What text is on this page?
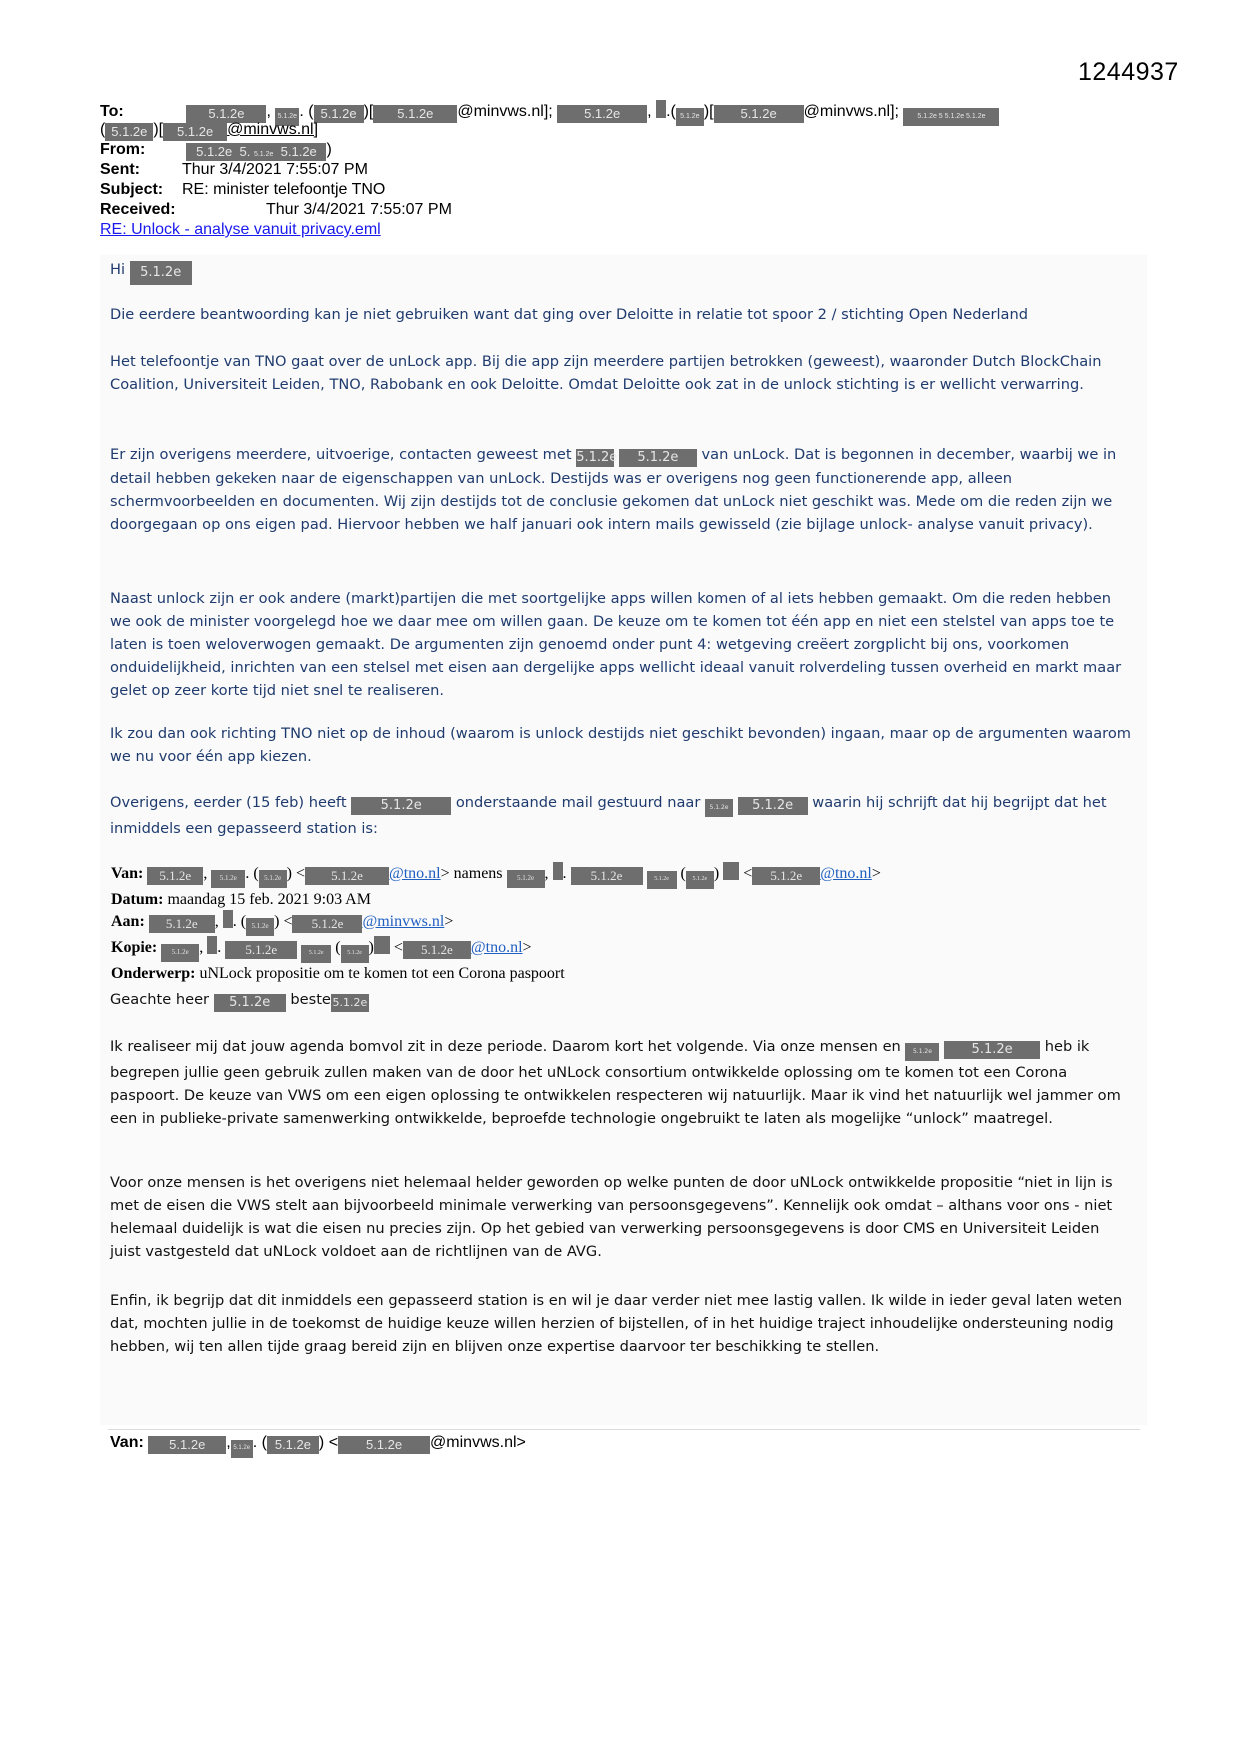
1244937
To:	5.1.2e , 5.1.2e . ( 5.1.2e )[ 5.1.2e @minvws.nl]; 5.1.2e , .( 5.1.2e )[ 5.1.2e @minvws.nl];	5.1.2e 5 5.1.2e 5.1.2e
( 5.1.2e )[ 5.1.2e @minvws.nl]
From:	5.1.2e  5. 5.1.2e  5.1.2e )
Sent:	Thur 3/4/2021 7:55:07 PM
Subject: RE: minister telefoontje TNO
Received:	Thur 3/4/2021 7:55:07 PM
RE: Unlock - analyse vanuit privacy.eml
Hi 5.1.2e
Die eerdere beantwoording kan je niet gebruiken want dat ging over Deloitte in relatie tot spoor 2 / stichting Open Nederland
Het telefoontje van TNO gaat over de unLock app. Bij die app zijn meerdere partijen betrokken (geweest), waaronder Dutch BlockChain Coalition, Universiteit Leiden, TNO, Rabobank en ook Deloitte. Omdat Deloitte ook zat in de unlock stichting is er wellicht verwarring.
Er zijn overigens meerdere, uitvoerige, contacten geweest met 5.1.2e 5.1.2e van unLock. Dat is begonnen in december, waarbij we in detail hebben gekeken naar de eigenschappen van unLock. Destijds was er overigens nog geen functionerende app, alleen schermvoorbeelden en documenten. Wij zijn destijds tot de conclusie gekomen dat unLock niet geschikt was. Mede om die reden zijn we doorgegaan op ons eigen pad. Hiervoor hebben we half januari ook intern mails gewisseld (zie bijlage unlock- analyse vanuit privacy).
Naast unlock zijn er ook andere (markt)partijen die met soortgelijke apps willen komen of al iets hebben gemaakt. Om die reden hebben we ook de minister voorgelegd hoe we daar mee om willen gaan. De keuze om te komen tot één app en niet een stelstel van apps toe te laten is toen weloverwogen gemaakt. De argumenten zijn genoemd onder punt 4: wetgeving creëert zorgplicht bij ons, voorkomen onduidelijkheid, inrichten van een stelsel met eisen aan dergelijke apps wellicht ideaal vanuit rolverdeling tussen overheid en markt maar gelet op zeer korte tijd niet snel te realiseren.
Ik zou dan ook richting TNO niet op de inhoud (waarom is unlock destijds niet geschikt bevonden) ingaan, maar op de argumenten waarom we nu voor één app kiezen.
Overigens, eerder (15 feb) heeft	5.1.2e onderstaande mail gestuurd naar 5.1.2e 5.1.2e waarin hij schrijft dat hij begrijpt dat het inmiddels een gepasseerd station is:
Van: 5.1.2e , 5.1.2e . ( 5.1.2e ) < 5.1.2e @tno.nl> namens 5.1.2e , . 5.1.2e	5.1.2e ( 5.1.2e )  < 5.1.2e @tno.nl>
Datum: maandag 15 feb. 2021 9:03 AM
Aan: 5.1.2e , . ( 5.1.2e ) < 5.1.2e @minvws.nl>
Kopie: 5.1.2e , . 5.1.2e	5.1.2e ( 5.1.2e ) < 5.1.2e @tno.nl>
Onderwerp: uNLock propositie om te komen tot een Corona paspoort
Geachte heer 5.1.2e beste 5.1.2e
Ik realiseer mij dat jouw agenda bomvol zit in deze periode. Daarom kort het volgende. Via onze mensen en 5.1.2e	5.1.2e heb ik begrepen jullie geen gebruik zullen maken van de door het uNLock consortium ontwikkelde oplossing om te komen tot een Corona paspoort. De keuze van VWS om een eigen oplossing te ontwikkelen respecteren wij natuurlijk. Maar ik vind het natuurlijk wel jammer om een in publieke-private samenwerking ontwikkelde, beproefde technologie ongebruikt te laten als mogelijke “unlock” maatregel.
Voor onze mensen is het overigens niet helemaal helder geworden op welke punten de door uNLock ontwikkelde propositie “niet in lijn is met de eisen die VWS stelt aan bijvoorbeeld minimale verwerking van persoonsgegevens”. Kennelijk ook omdat – althans voor ons - niet helemaal duidelijk is wat die eisen nu precies zijn. Op het gebied van verwerking persoonsgegevens is door CMS en Universiteit Leiden juist vastgesteld dat uNLock voldoet aan de richtlijnen van de AVG.
Enfin, ik begrijp dat dit inmiddels een gepasseerd station is en wil je daar verder niet mee lastig vallen. Ik wilde in ieder geval laten weten dat, mochten jullie in de toekomst de huidige keuze willen herzien of bijstellen, of in het huidige traject inhoudelijke ondersteuning nodig hebben, wij ten allen tijde graag bereid zijn en blijven onze expertise daarvoor ter beschikking te stellen.
Van: 5.1.2e , 5.1.2e . ( 5.1.2e ) < 5.1.2e @minvws.nl>
